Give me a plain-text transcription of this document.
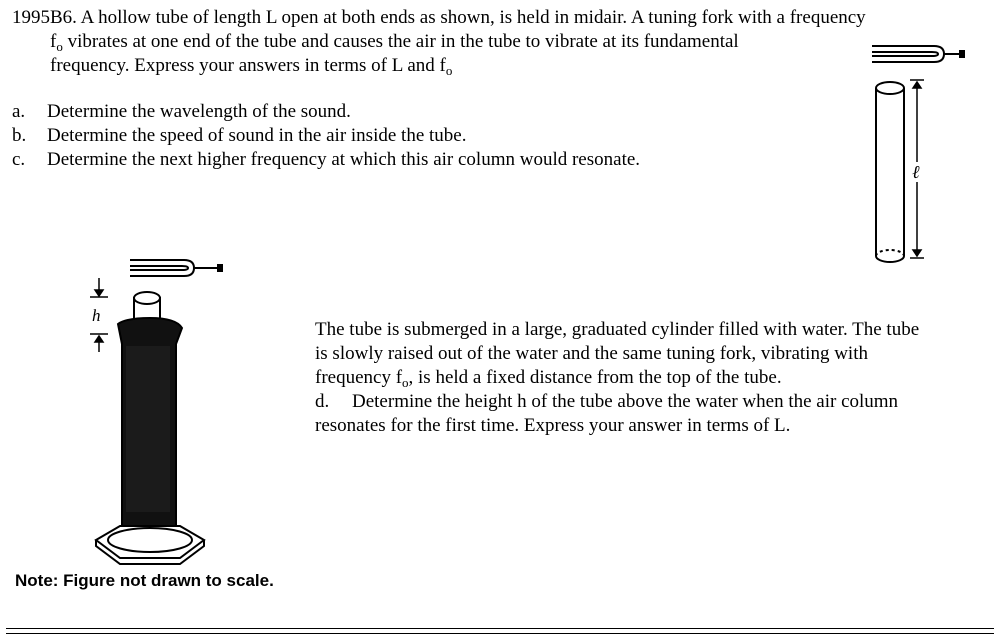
1995B6. A hollow tube of length L open at both ends as shown, is held in midair. A tuning fork with a frequency
$f_o$ vibrates at one end of the tube and causes the air in the tube to vibrate at its fundamental
frequency. Express your answers in terms of L and $f_o$
a. Determine the wavelength of the sound.
b. Determine the speed of sound in the air inside the tube.
c. Determine the next higher frequency at which this air column would resonate.
The tube is submerged in a large, graduated cylinder filled with water. The tube
is slowly raised out of the water and the same tuning fork, vibrating with
frequency $f_o$, is held a fixed distance from the top of the tube.
d. Determine the height h of the tube above the water when the air column
resonates for the first time. Express your answer in terms of L.
ℓ
h
Note: Figure not drawn to scale.
